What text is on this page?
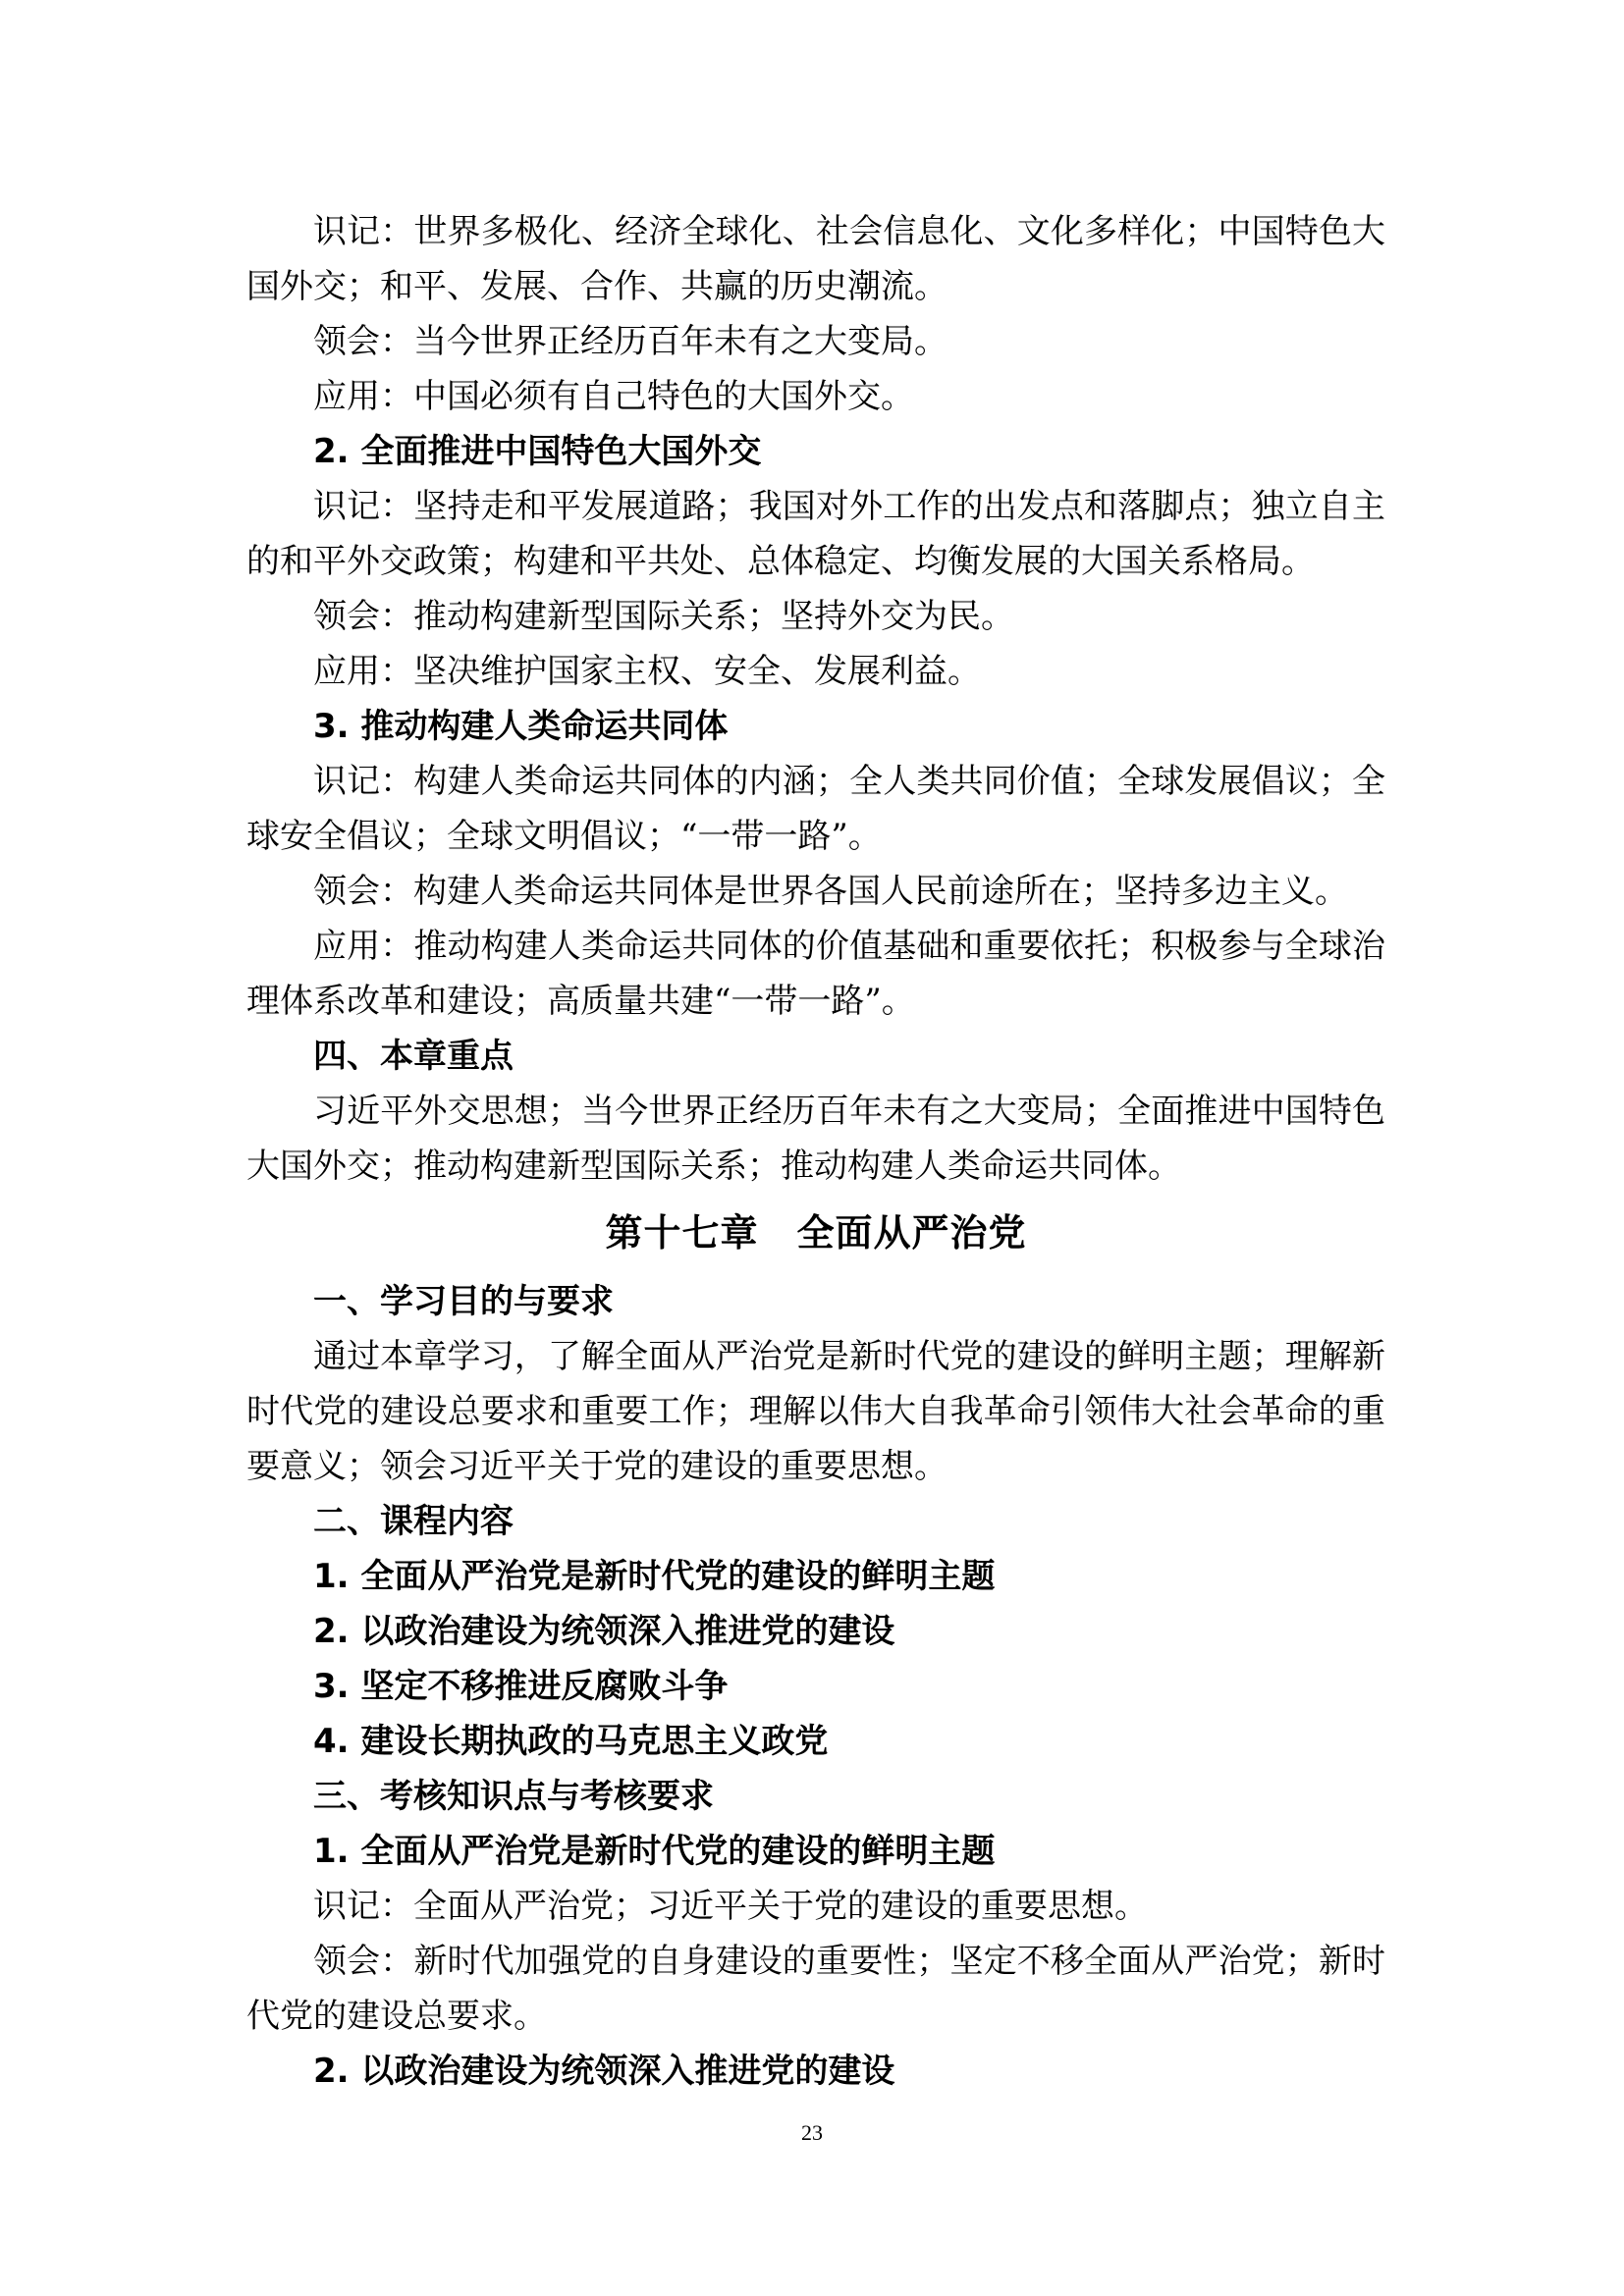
识记：世界多极化、经济全球化、社会信息化、文化多样化；中国特色大国外交；和平、发展、合作、共赢的历史潮流。

领会：当今世界正经历百年未有之大变局。

应用：中国必须有自己特色的大国外交。

2. 全面推进中国特色大国外交

识记：坚持走和平发展道路；我国对外工作的出发点和落脚点；独立自主的和平外交政策；构建和平共处、总体稳定、均衡发展的大国关系格局。

领会：推动构建新型国际关系；坚持外交为民。

应用：坚决维护国家主权、安全、发展利益。

3. 推动构建人类命运共同体

识记：构建人类命运共同体的内涵；全人类共同价值；全球发展倡议；全球安全倡议；全球文明倡议；“一带一路”。

领会：构建人类命运共同体是世界各国人民前途所在；坚持多边主义。

应用：推动构建人类命运共同体的价值基础和重要依托；积极参与全球治理体系改革和建设；高质量共建“一带一路”。

四、本章重点

习近平外交思想；当今世界正经历百年未有之大变局；全面推进中国特色大国外交；推动构建新型国际关系；推动构建人类命运共同体。

第十七章　全面从严治党

一、学习目的与要求

通过本章学习，了解全面从严治党是新时代党的建设的鲜明主题；理解新时代党的建设总要求和重要工作；理解以伟大自我革命引领伟大社会革命的重要意义；领会习近平关于党的建设的重要思想。

二、课程内容

1. 全面从严治党是新时代党的建设的鲜明主题

2. 以政治建设为统领深入推进党的建设

3. 坚定不移推进反腐败斗争

4. 建设长期执政的马克思主义政党

三、考核知识点与考核要求

1. 全面从严治党是新时代党的建设的鲜明主题

识记：全面从严治党；习近平关于党的建设的重要思想。

领会：新时代加强党的自身建设的重要性；坚定不移全面从严治党；新时代党的建设总要求。

2. 以政治建设为统领深入推进党的建设

23
